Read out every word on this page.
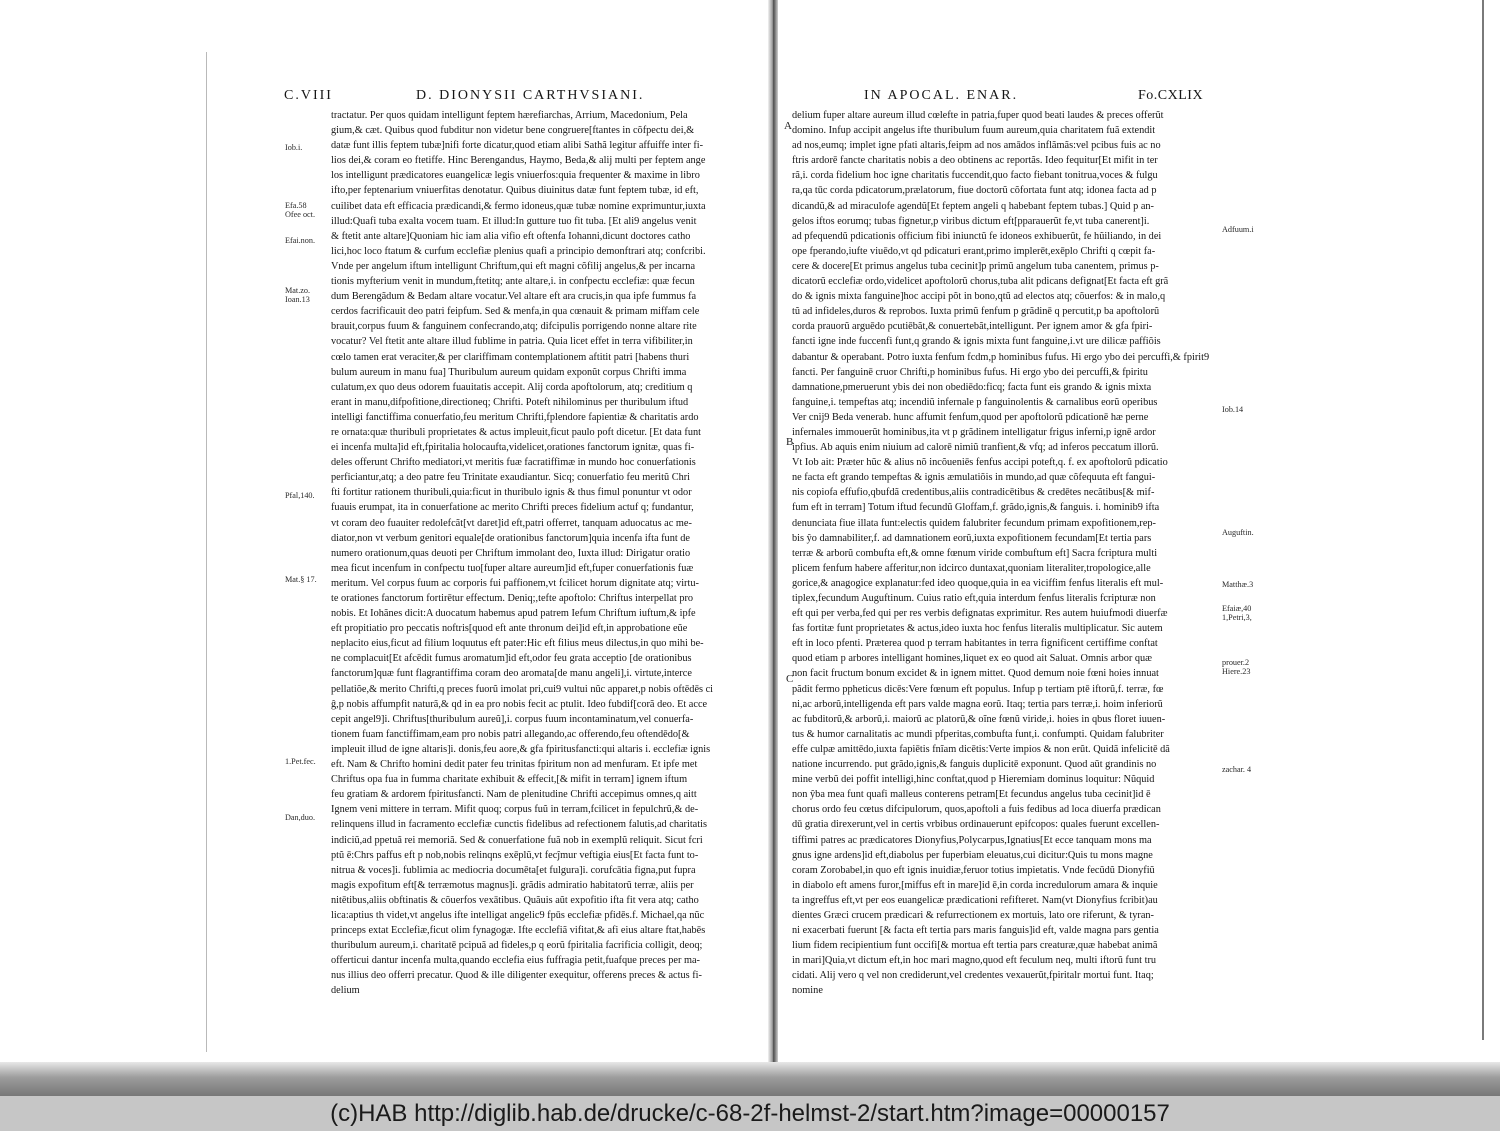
C.VIII	D. DIONYSII CARTHVSIANI.	IN APOCAL. ENAR.	Fo.CXLIX
tractatur. Per quos quidam intelligunt feptem hærefiarchas, Arrium, Macedonium, Pela
gium,& cæt. Quibus quod fubditur non videtur bene congruere[ftantes in cõfpectu dei,&
datæ funt illis feptem tubæ]nifi forte dicatur,quod etiam alibi Sathã legitur affuiffe inter fi-
lios dei,& coram eo ftetiffe. Hinc Berengandus, Haymo, Beda,& alij multi per feptem ange
los intelligunt prædicatores euangelicæ legis vniuerfos:quia frequenter & maxime in libro
ifto,per feptenarium vniuerfitas denotatur. Quibus diuinitus datæ funt feptem tubæ, id eft,
cuilibet data eft efficacia prædicandi,& fermo idoneus,quæ tubæ nomine exprimuntur,iuxta
illud:Quafi tuba exalta vocem tuam. Et illud:In gutture tuo fit tuba. [Et ali9 angelus venit
& ftetit ante altare]Quoniam hic iam alia vifio eft oftenfa Iohanni,dicunt doctores catho
lici,hoc loco ftatum & curfum ecclefiæ plenius quafi a principio demonftrari atq; confcribi.
Vnde per angelum iftum intelligunt Chriftum,qui eft magni cõfilij angelus,& per incarna
tionis myfterium venit in mundum,ftetitq; ante altare,i. in confpectu ecclefiæ: quæ fecun
dum Berengãdum & Bedam altare vocatur.Vel altare eft ara crucis,in qua ipfe fummus fa
cerdos facrificauit deo patri feipfum. Sed & menfa,in qua cœnauit & primam miffam cele
brauit,corpus fuum & fanguinem confecrando,atq; difcipulis porrigendo nonne altare rite
vocatur? Vel ftetit ante altare illud fublime in patria. Quia licet effet in terra vifibiliter,in
cœlo tamen erat veraciter,& per clariffimam contemplationem aftitit patri [habens thuri
bulum aureum in manu fua] Thuribulum aureum quidam exponũt corpus Chrifti imma
culatum,ex quo deus odorem fuauitatis accepit. Alij corda apoftolorum, atq; creditium q
erant in manu,difpofitione,directioneq; Chrifti. Poteft nihilominus per thuribulum iftud
intelligi fanctiffima conuerfatio,feu meritum Chrifti,fplendore fapientiæ & charitatis ardo
re ornata:quæ thuribuli proprietates & actus impleuit,ficut paulo poft dicetur. [Et data funt
ei incenfa multa]id eft,fpiritalia holocaufta,videlicet,orationes fanctorum ignitæ, quas fi-
deles offerunt Chrifto mediatori,vt meritis fuæ facratiffimæ in mundo hoc conuerfationis
perficiantur,atq; a deo patre feu Trinitate exaudiantur. Sicq; conuerfatio feu meritũ Chri
fti fortitur rationem thuribuli,quia:ficut in thuribulo ignis & thus fimul ponuntur vt odor
fuauis erumpat, ita in conuerfatione ac merito Chrifti preces fidelium actuf q; fundantur,
vt coram deo fuauiter redolefcãt[vt daret]id eft,patri offerret, tanquam aduocatus ac me-
diator,non vt verbum genitori equale[de orationibus fanctorum]quia incenfa ifta funt de
numero orationum,quas deuoti per Chriftum immolant deo, Iuxta illud: Dirigatur oratio
mea ficut incenfum in confpectu tuo[fuper altare aureum]id eft,fuper conuerfationis fuæ
meritum. Vel corpus fuum ac corporis fui paffionem,vt fcilicet horum dignitate atq; virtu-
te orationes fanctorum fortirētur effectum. Deniq;,tefte apoftolo: Chriftus interpellat pro
nobis. Et Iohãnes dicit:A duocatum habemus apud patrem Iefum Chriftum iuftum,& ipfe
eft propitiatio pro peccatis noftris[quod eft ante thronum dei]id eft,in approbatione eŭe
neplacito eius,ficut ad filium loquutus eft pater:Hic eft filius meus dilectus,in quo mihi be-
ne complacuit[Et afcēdit fumus aromatum]id eft,odor feu grata acceptio [de orationibus
fanctorum]quæ funt flagrantiffima coram deo aromata[de manu angeli],i. virtute,interce
pellatiõe,& merito Chrifti,q preces fuorũ imolat pri,cui9 vultui nũc apparet,p nobis oftēdēs ci
ĝ,p nobis affumpfit naturã,& qd in ea pro nobis fecit ac ptulit. Ideo fubdif[corã deo. Et acce
cepit angel9]i. Chriftus[thuribulum aureũ],i. corpus fuum incontaminatum,vel conuerfa-
tionem fuam fanctiffimam,eam pro nobis patri allegando,ac offerendo,feu oftendēdo[&
impleuit illud de igne altaris]i. donis,feu aore,& gfa fpiritusfancti:qui altaris i. ecclefiæ ignis
eft. Nam & Chrifto homini dedit pater feu trinitas fpiritum non ad menfuram. Et ipfe met
Chriftus opa fua in fumma charitate exhibuit & effecit,[& mifit in terram] ignem iftum
feu gratiam & ardorem fpiritusfancti. Nam de plenitudine Chrifti accepimus omnes,q aitt
Ignem veni mittere in terram. Mifit quoq; corpus fuũ in terram,fcilicet in fepulchrũ,& de-
relinquens illud in facramento ecclefiæ cunctis fidelibus ad refectionem falutis,ad charitatis
indiciũ,ad ppetuã rei memoriã. Sed & conuerfatione fuã nob in exemplũ reliquit. Sicut fcri
ptũ ē:Chrs paffus eft p nob,nobis relinqns exēplũ,vt fecĵmur veftigia eius[Et facta funt to-
nitrua & voces]i. fublimia ac mediocria documēta[et fulgura]i. corufcātia figna,put fupra
magis expofitum eft[& terræmotus magnus]i. grãdis admiratio habitatorũ terræ, aliis per
nitētibus,aliis obftinatis & cõuerfos vexātibus. Quãuis aũt expofitio ifta fit vera atq; catho
lica:aptius th videt,vt angelus ifte intelligat angelic9 fpūs ecclefiæ pfidēs.f. Michael,qa nũc
princeps extat Ecclefiæ,ficut olim fynagogæ. Ifte ecclefiã vifitat,& afi eius altare ftat,habēs
thuribulum aureum,i. charitatē pcipuã ad fideles,p q eorũ fpiritalia facrificia colligit, deoq;
offerticui dantur incenfa multa,quando ecclefia eius fuffragia petit,fuafque preces per ma-
nus illius deo offerri precatur. Quod & ille diligenter exequitur, offerens preces & actus fi-
delium
Iob.i.
Efa.58
Ofee oct.
Efai.non.
Mat.zo.
Ioan.13
Pfal,140.
Mat.§ 17.
1.Pet.fec.
Dan,duo.
delium fuper altare aureum illud cœlefte in patria,fuper quod beati laudes & preces offerũt
domino. Infup accipit angelus ifte thuribulum fuum aureum,quia charitatem fuã extendit
ad nos,eumq; implet igne pfati altaris,feipm ad nos amādos inflãmãs:vel pcibus fuis ac no
ftris ardorē fancte charitatis nobis a deo obtinens ac reportãs. Ideo fequitur[Et mifit in ter
rã,i. corda fidelium hoc igne charitatis fuccendit,quo facto fiebant tonitrua,voces & fulgu
ra,qa tūc corda pdicatorum,prælatorum, fiue doctorũ cõfortata funt atq; idonea facta ad p
dicandũ,& ad miraculofe agendũ[Et feptem angeli q habebant feptem tubas.] Quid p an-
gelos iftos eorumq; tubas fignetur,p viribus dictum eft[pparauerũt fe,vt tuba canerent]i.
ad pfequendũ pdicationis officium fibi iniunctũ fe idoneos exhibuerũt, fe hũiliando, in dei
ope fperando,iufte viuēdo,vt qd pdicaturi erant,primo implerēt,exēplo Chrifti q cœpit fa-
cere & docere[Et primus angelus tuba cecinit]p primũ angelum tuba canentem, primus p-
dicatorũ ecclefiæ ordo,videlicet apoftolorũ chorus,tuba alit pdicans defignat[Et facta eft grã
do & ignis mixta fanguine]hoc accipi põt in bono,qtũ ad electos atq; cõuerfos: & in malo,q
tũ ad infideles,duros & reprobos. Iuxta primũ fenfum p grãdinē q percutit,p ba apoftolorũ
corda prauorũ arguēdo pcutiēbãt,& conuertebãt,intelligunt. Per ignem amor & gfa fpiri-
fancti igne inde fuccenfi funt,q grando & ignis mixta funt fanguine,i.vt ure dilicæ paffiõis
dabantur & operabant. Potro iuxta fenfum fcdm,p hominibus fufus. Hi ergo ybo dei percuffi,& fpirit9
fancti. Per fanguinē cruor Chrifti,p hominibus fufus. Hi ergo ybo dei percuffi,& fpiritu
damnatione,pmeruerunt ybis dei non obediēdo:ficq; facta funt eis grando & ignis mixta
fanguine,i. tempeftas atq; incendiũ infernale p fanguinolentis & carnalibus eorũ operibus
Ver cnij9 Beda venerab. hunc affumit fenfum,quod per apoftolorũ pdicationē hæ perne
infernales immouerũt hominibus,ita vt p grãdinem intelligatur frigus inferni,p ignē ardor
ipfius. Ab aquis enim niuium ad calorē nimiũ tranfient,& vfq; ad inferos peccatum illorũ.
Vt Iob ait: Præter hũc & alius nõ incõueniēs fenfus accipi poteft,q. f. ex apoftolorũ pdicatio
ne facta eft grando tempeftas & ignis æmulatiõis in mundo,ad quæ cõfequuta eft fangui-
nis copiofa effufio,qbufdã credentibus,aliis contradicētibus & credētes necãtibus[& mif-
fum eft in terram] Totum iftud fecundũ Gloffam,f. grãdo,ignis,& fanguis. i. hominib9 ifta
denunciata fiue illata funt:electis quidem falubriter fecundum primam expofitionem,rep-
bis ŷo damnabiliter,f. ad damnationem eorũ,iuxta expofitionem fecundam[Et tertia pars
terræ & arborũ combufta eft,& omne fœnum viride combuftum eft] Sacra fcriptura multi
plicem fenfum habere afferitur,non idcirco duntaxat,quoniam literaliter,tropologice,alle
gorice,& anagogice explanatur:fed ideo quoque,quia in ea viciffim fenfus literalis eft mul-
tiplex,fecundum Auguftinum. Cuius ratio eft,quia interdum fenfus literalis fcripturæ non
eft qui per verba,fed qui per res verbis defignatas exprimitur. Res autem huiufmodi diuerfæ
fas fortitæ funt proprietates & actus,ideo iuxta hoc fenfus literalis multiplicatur. Sic autem
eft in loco pfenti. Præterea quod p terram habitantes in terra fignificent certiffime conftat
quod etiam p arbores intelligant homines,liquet ex eo quod ait Saluat. Omnis arbor quæ
non facit fructum bonum excidet & in ignem mittet. Quod demum noie fœni hoies innuat
pãdit fermo ppheticus dicēs:Vere fœnum eft populus. Infup p tertiam ptē iftorũ,f. terræ, fœ
ni,ac arborũ,intelligenda eft pars valde magna eorũ. Itaq; tertia pars terræ,i. hoim inferiorũ
ac fubditorũ,& arborũ,i. maiorũ ac platorũ,& oĩne fœnũ viride,i. hoies in qbus floret iuuen-
tus & humor carnalitatis ac mundi pfperitas,combufta funt,i. confumpti. Quidam falubriter
effe culpæ amittēdo,iuxta fapiētis fnĩam dicētis:Verte impios & non erũt. Quidã infelicitē dã
natione incurrendo. put grãdo,ignis,& fanguis duplicitē exponunt. Quod aũt grandinis no
mine verbũ dei poffit intelligi,hinc conftat,quod p Hieremiam dominus loquitur: Nũquid
non ŷba mea funt quafi malleus conterens petram[Et fecundus angelus tuba cecinit]id ē
chorus ordo feu cœtus difcipulorum, quos,apoftoli a fuis fedibus ad loca diuerfa prædican
dū gratia direxerunt,vel in certis vrbibus ordinauerunt epifcopos: quales fuerunt excellen-
tiffimi patres ac prædicatores Dionyfius,Polycarpus,Ignatius[Et ecce tanquam mons ma
gnus igne ardens]id eft,diabolus per fuperbiam eleuatus,cui dicitur:Quis tu mons magne
coram Zorobabel,in quo eft ignis inuidiæ,feruor totius impietatis. Vnde fecũdũ Dionyfiũ
in diabolo eft amens furor,[miffus eft in mare]id ē,in corda incredulorum amara & inquie
ta ingreffus eft,vt per eos euangelicæ prædicationi refifteret. Nam(vt Dionyfius fcribit)au
dientes Græci crucem prædicari & refurrectionem ex mortuis, lato ore riferunt, & tyran-
ni exacerbati fuerunt [& facta eft tertia pars maris fanguis]id eft, valde magna pars gentia
lium fidem recipientium funt occifi[& mortua eft tertia pars creaturæ,quæ habebat animã
in mari]Quia,vt dictum eft,in hoc mari magno,quod eft feculum neq, multi iftorũ funt tru
cidati. Alij vero q vel non crediderunt,vel credentes vexauerũt,fpiritalr mortui funt. Itaq;
nomine
Adfuum.i
Iob.14
Auguftin.
Matthæ.3
Efaiæ,40
1,Petri,3,
prouer.2
Hiere.23
zachar. 4
A
B
C
(c)HAB http://diglib.hab.de/drucke/c-68-2f-helmst-2/start.htm?image=00000157
